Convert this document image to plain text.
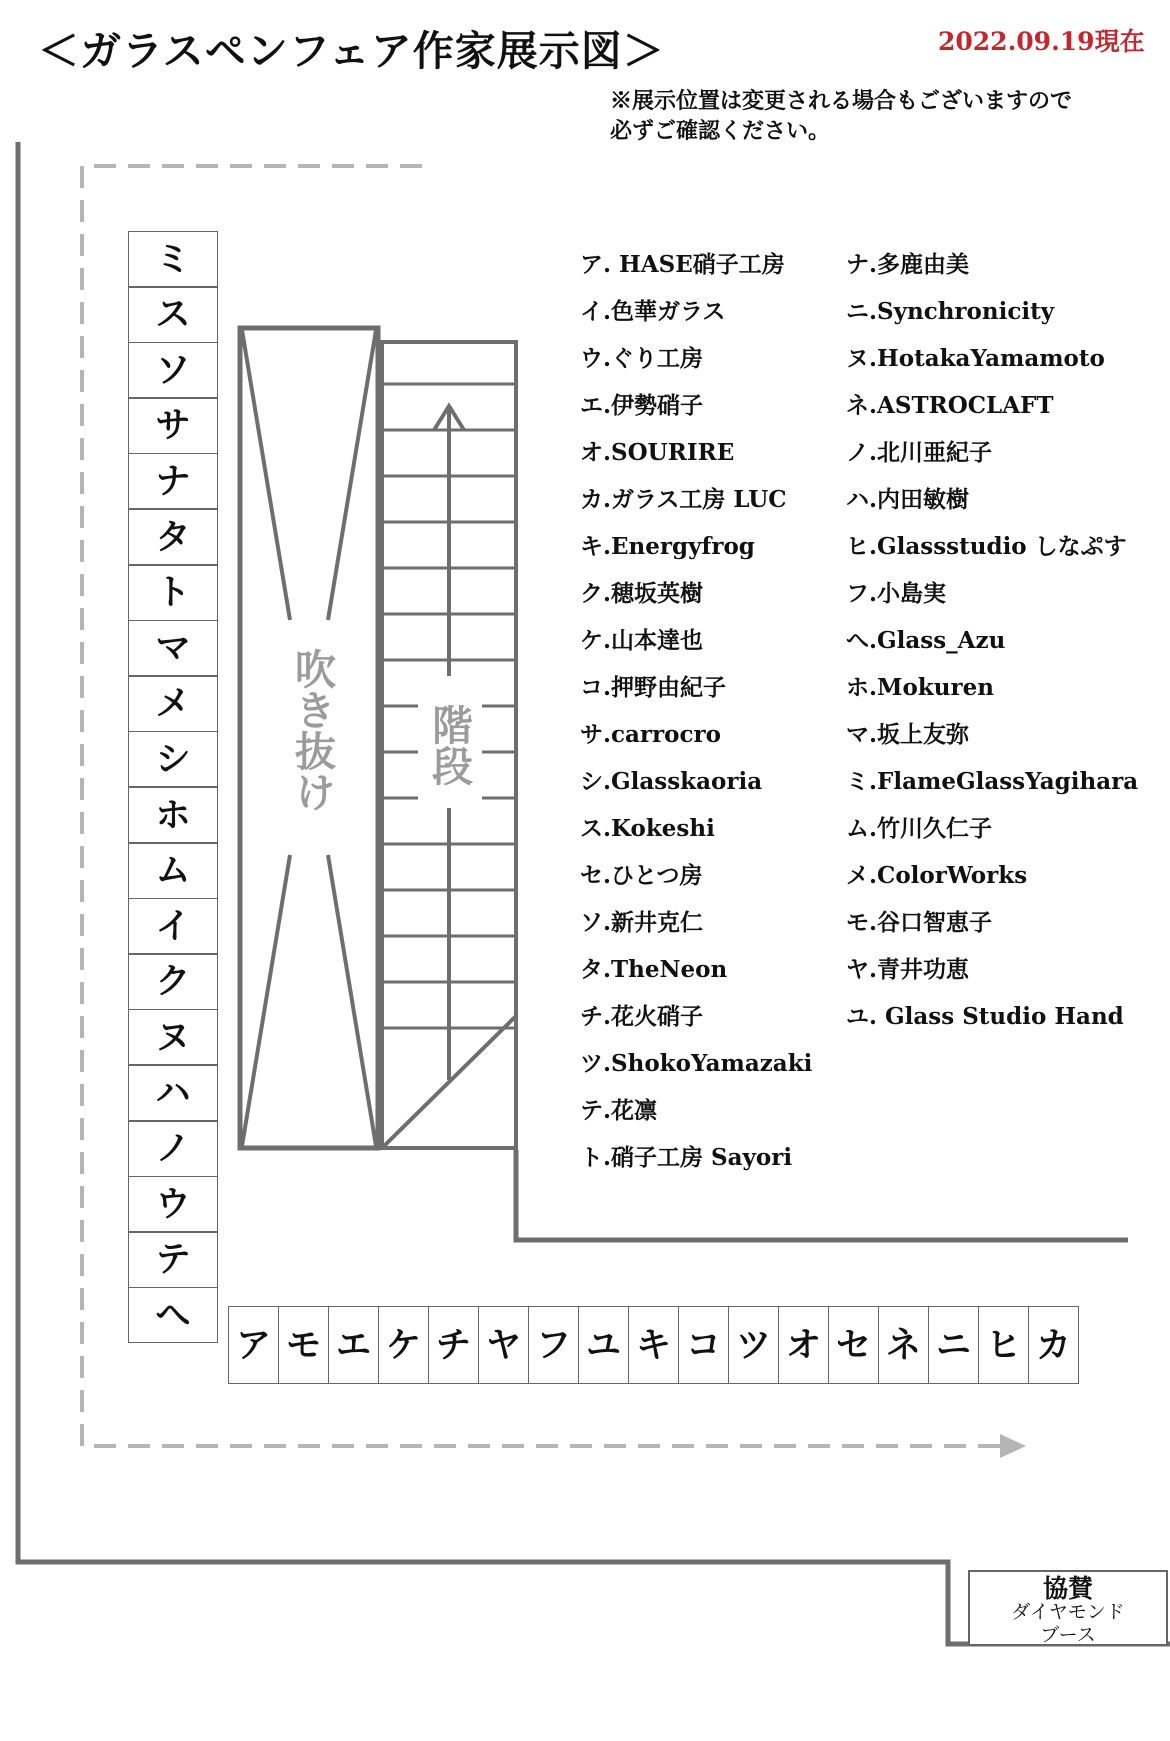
＜ガラスペンフェア作家展示図＞	2022.09.19現在
※展示位置は変更される場合もございますので
必ずご確認ください。
吹き抜け 階段
ミ
ス
ソ
サ
ナ
タ
ト
マ
メ
シ
ホ
ム
イ
ク
ヌ
ハ
ノ
ウ
テ
へ
ア モ エ ケ チ ヤ フ ユ キ コ ツ オ セ ネ ニ ヒ カ
ア. HASE硝子工房
イ.色華ガラス
ウ.ぐり工房
エ.伊勢硝子
オ.SOURIRE
カ.ガラス工房 LUC
キ.Energyfrog
ク.穂坂英樹
ケ.山本達也
コ.押野由紀子
サ.carrocro
シ.Glasskaoria
ス.Kokeshi
セ.ひとつ房
ソ.新井克仁
タ.TheNeon
チ.花火硝子
ツ.ShokoYamazaki
テ.花凛
ト.硝子工房 Sayori
ナ.多鹿由美
ニ.Synchronicity
ヌ.HotakaYamamoto
ネ.ASTROCLAFT
ノ.北川亜紀子
ハ.内田敏樹
ヒ.Glassstudio しなぷす
フ.小島実
へ.Glass_Azu
ホ.Mokuren
マ.坂上友弥
ミ.FlameGlassYagihara
ム.竹川久仁子
メ.ColorWorks
モ.谷口智恵子
ヤ.青井功恵
ユ. Glass Studio Hand
協賛
ダイヤモンド
ブース
